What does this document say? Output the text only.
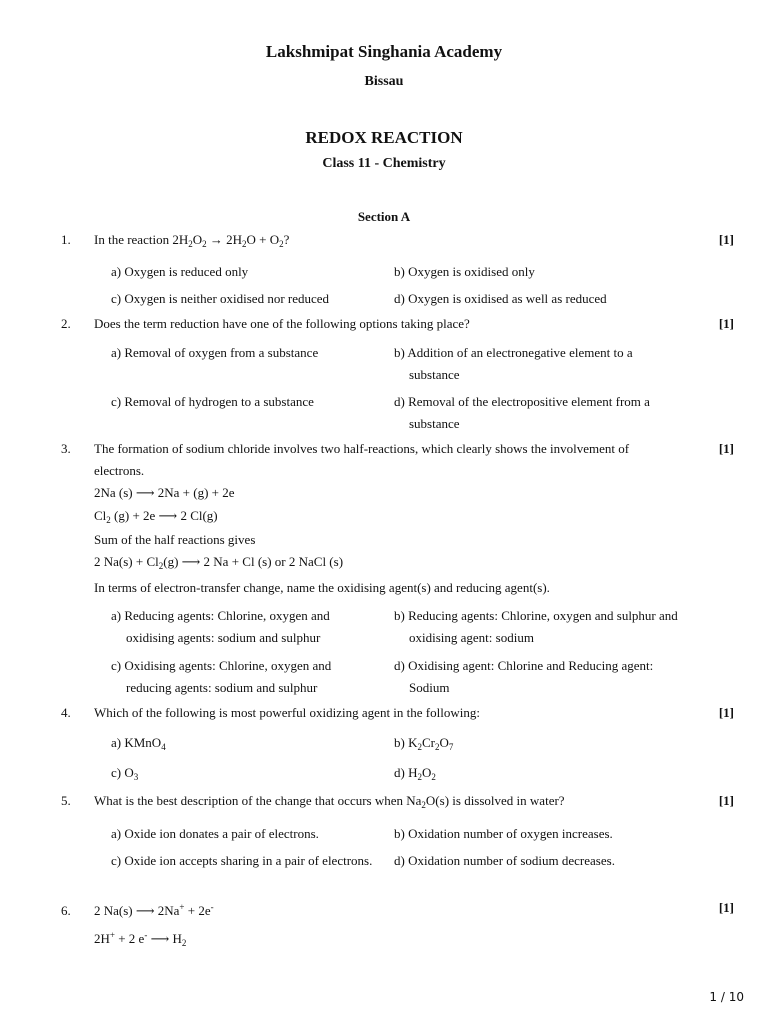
Lakshmipat Singhania Academy
Bissau
REDOX REACTION
Class 11 - Chemistry
Section A
1. In the reaction $2H_2O_2 \to 2H_2O + O_2$?	[1]
a) Oxygen is reduced only	b) Oxygen is oxidised only
c) Oxygen is neither oxidised nor reduced	d) Oxygen is oxidised as well as reduced
2. Does the term reduction have one of the following options taking place?	[1]
a) Removal of oxygen from a substance	b) Addition of an electronegative element to a substance
c) Removal of hydrogen to a substance	d) Removal of the electropositive element from a substance
3. The formation of sodium chloride involves two half-reactions, which clearly shows the involvement of electrons.
[1]
2Na (s) ⟶ 2Na + (g) + 2e
$Cl_2$ (g) + 2e ⟶ 2 Cl(g)
Sum of the half reactions gives
2 $Na(s) + Cl_2(g)$ ⟶ 2 Na + Cl (s) or 2 NaCl (s)
In terms of electron-transfer change, name the oxidising agent(s) and reducing agent(s).
a) Reducing agents: Chlorine, oxygen and oxidising agents: sodium and sulphur
b) Reducing agents: Chlorine, oxygen and sulphur and oxidising agent: sodium
c) Oxidising agents: Chlorine, oxygen and reducing agents: sodium and sulphur
d) Oxidising agent: Chlorine and Reducing agent: Sodium
4. Which of the following is most powerful oxidizing agent in the following:	[1]
a) KMnO$_4$	b) $K_2Cr_2O_7$
c) $O_3$	d) $H_2O_2$
5. What is the best description of the change that occurs when $Na_2O(s)$ is dissolved in water?	[1]
a) Oxide ion donates a pair of electrons.	b) Oxidation number of oxygen increases.
c) Oxide ion accepts sharing in a pair of electrons. d) Oxidation number of sodium decreases.
6. 2 Na(s) ⟶ 2Na+ + 2e-	[1]
2H+ + 2 e- ⟶ $H_2$
1 / 10
